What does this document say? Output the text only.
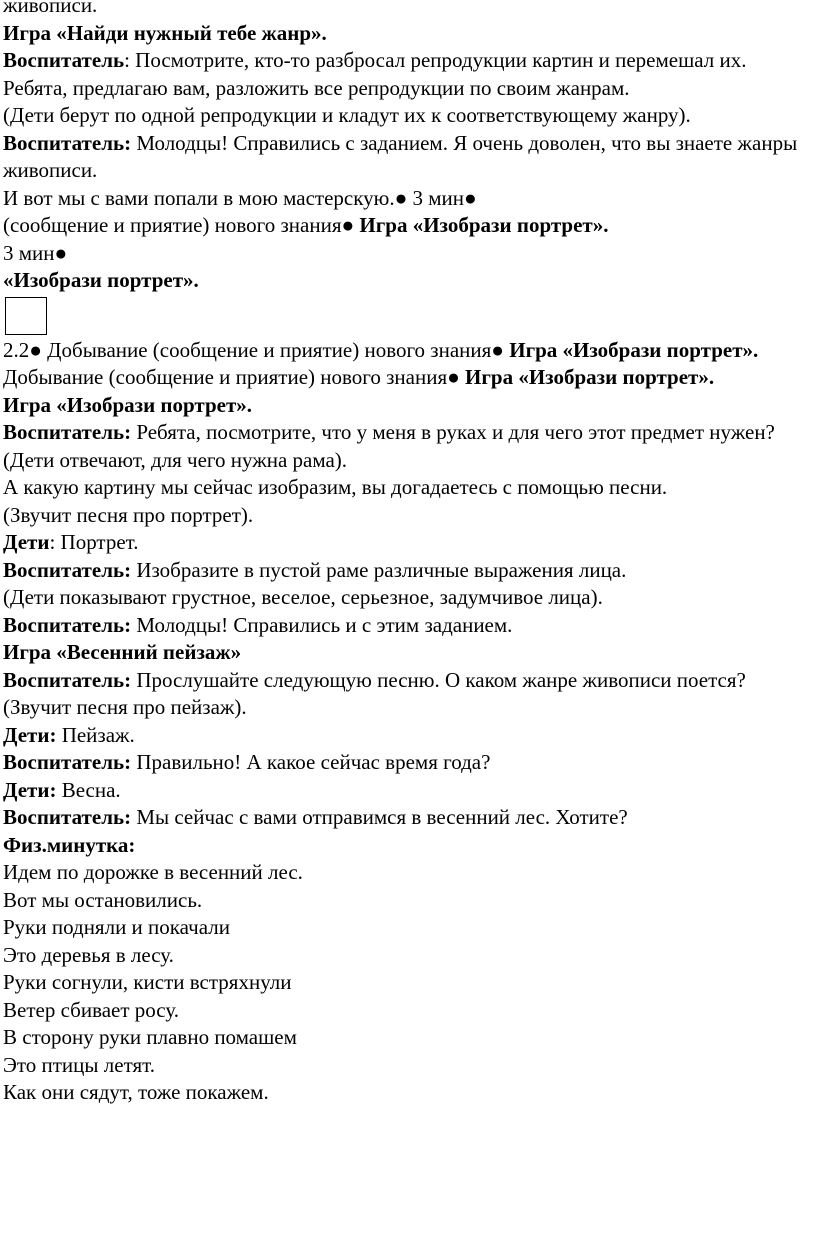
живописи.

Игра «Найди нужный тебе жанр».

Воспитатель: Посмотрите, кто-то разбросал репродукции картин и перемешал их. Ребята, предлагаю вам, разложить все репродукции по своим жанрам.

(Дети берут по одной репродукции и кладут их к соответствующему жанру).

Воспитатель: Молодцы! Справились с заданием. Я очень доволен, что вы знаете жанры живописи.

И вот мы с вами попали в мою мастерскую.● 3 мин●

(сообщение и приятие) нового знания● Игра «Изобрази портрет».

3 мин●

«Изобрази портрет».

2.2● Добывание (сообщение и приятие) нового знания● Игра «Изобрази портрет».

Добывание (сообщение и приятие) нового знания● Игра «Изобрази портрет».

Игра «Изобрази портрет».

Воспитатель: Ребята, посмотрите, что у меня в руках и для чего этот предмет нужен? (Дети отвечают, для чего нужна рама).

А какую картину мы сейчас изобразим, вы догадаетесь с помощью песни.

(Звучит песня про портрет).

Дети: Портрет.

Воспитатель: Изобразите в пустой раме различные выражения лица.

(Дети показывают грустное, веселое, серьезное, задумчивое лица).

Воспитатель: Молодцы! Справились и с этим заданием.

Игра «Весенний пейзаж»

Воспитатель: Прослушайте следующую песню. О каком жанре живописи поется?

(Звучит песня про пейзаж).

Дети: Пейзаж.

Воспитатель: Правильно! А какое сейчас время года?

Дети: Весна.

Воспитатель: Мы сейчас с вами отправимся в весенний лес. Хотите?

Физ.минутка:

Идем по дорожке в весенний лес.

Вот мы остановились.

Руки подняли и покачали

Это деревья в лесу.

Руки согнули, кисти встряхнули

Ветер сбивает росу.

В сторону руки плавно помашем

Это птицы летят.

Как они сядут, тоже покажем.
